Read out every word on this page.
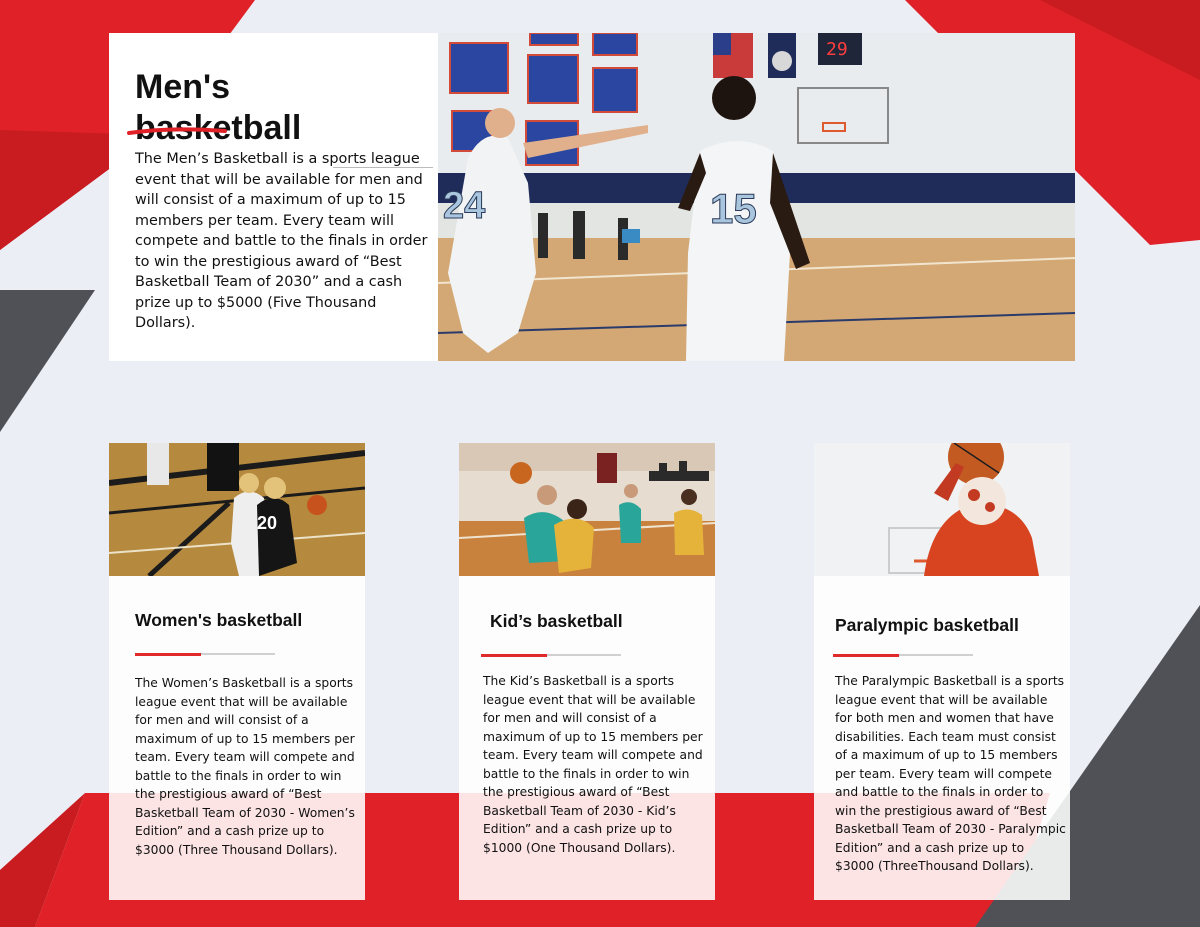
Men's
basketball

The Men’s Basketball is a sports league event that will be available for men and will consist of a maximum of up to 15 members per team. Every team will compete and battle to the finals in order to win the prestigious award of “Best Basketball Team of 2030” and a cash prize up to $5000 (Five Thousand Dollars).

29
24	15
20
Women's basketball

The Women’s Basketball is a sports league event that will be available for men and will consist of a maximum of up to 15 members per team. Every team will compete and battle to the finals in order to win the prestigious award of “Best Basketball Team of 2030 - Women’s Edition” and a cash prize up to $3000 (Three Thousand Dollars).

Kid’s basketball

The Kid’s Basketball is a sports league event that will be available for men and will consist of a maximum of up to 15 members per team. Every team will compete and battle to the finals in order to win the prestigious award of “Best Basketball Team of 2030 - Kid’s Edition” and a cash prize up to $1000 (One Thousand Dollars).

Paralympic basketball

The Paralympic Basketball is a sports league event that will be available for both men and women that have disabilities. Each team must consist of a maximum of up to 15 members per team. Every team will compete and battle to the finals in order to win the prestigious award of “Best Basketball Team of 2030 - Paralympic Edition” and a cash prize up to $3000 (ThreeThousand Dollars).
